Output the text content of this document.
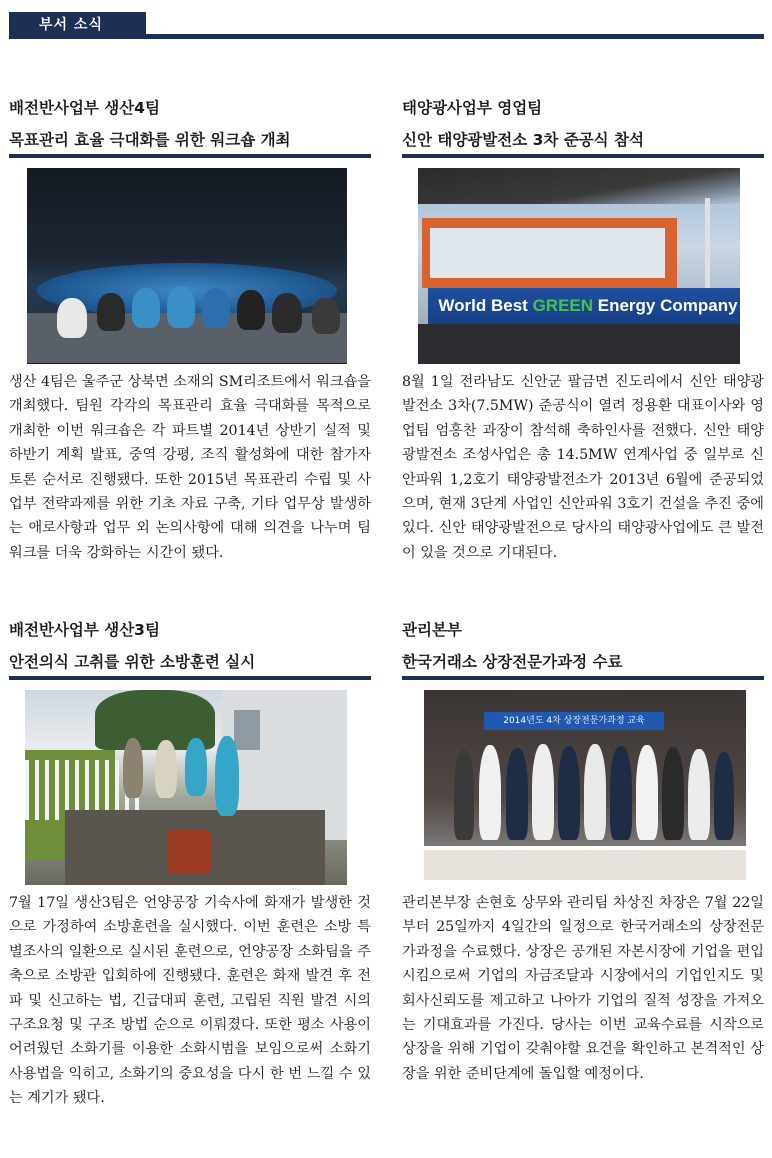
부서 소식
배전반사업부 생산4팀
목표관리 효율 극대화를 위한 워크숍 개최
생산 4팀은 울주군 상북면 소재의 SM리조트에서 워크숍을 개최했다. 팀원 각각의 목표관리 효율 극대화를 목적으로 개최한 이번 워크숍은 각 파트별 2014년 상반기 실적 및 하반기 계획 발표, 중역 강평, 조직 활성화에 대한 참가자 토론 순서로 진행됐다. 또한 2015년 목표관리 수립 및 사업부 전략과제를 위한 기초 자료 구축, 기타 업무상 발생하는 애로사항과 업무 외 논의사항에 대해 의견을 나누며 팀워크를 더욱 강화하는 시간이 됐다.
태양광사업부 영업팀
신안 태양광발전소 3차 준공식 참석
World Best GREEN Energy Company
8월 1일 전라남도 신안군 팔금면 진도리에서 신안 태양광발전소 3차(7.5MW) 준공식이 열려 정용환 대표이사와 영업팀 엄홍찬 과장이 참석해 축하인사를 전했다. 신안 태양광발전소 조성사업은 총 14.5MW 연계사업 중 일부로 신안파워 1,2호기 태양광발전소가 2013년 6월에 준공되었으며, 현재 3단계 사업인 신안파워 3호기 건설을 추진 중에 있다. 신안 태양광발전으로 당사의 태양광사업에도 큰 발전이 있을 것으로 기대된다.
배전반사업부 생산3팀
안전의식 고취를 위한 소방훈련 실시
7월 17일 생산3팀은 언양공장 기숙사에 화재가 발생한 것으로 가정하여 소방훈련을 실시했다. 이번 훈련은 소방 특별조사의 일환으로 실시된 훈련으로, 언양공장 소화팀을 주축으로 소방관 입회하에 진행됐다. 훈련은 화재 발견 후 전파 및 신고하는 법, 긴급대피 훈련, 고립된 직원 발견 시의 구조요청 및 구조 방법 순으로 이뤄졌다. 또한 평소 사용이 어려웠던 소화기를 이용한 소화시범을 보임으로써 소화기 사용법을 익히고, 소화기의 중요성을 다시 한 번 느낄 수 있는 계기가 됐다.
관리본부
한국거래소 상장전문가과정 수료
2014년도 4차 상장전문가과정 교육
관리본부장 손현호 상무와 관리팀 차상진 차장은 7월 22일부터 25일까지 4일간의 일정으로 한국거래소의 상장전문가과정을 수료했다. 상장은 공개된 자본시장에 기업을 편입시킴으로써 기업의 자금조달과 시장에서의 기업인지도 및 회사신뢰도를 제고하고 나아가 기업의 질적 성장을 가져오는 기대효과를 가진다. 당사는 이번 교육수료를 시작으로 상장을 위해 기업이 갖춰야할 요건을 확인하고 본격적인 상장을 위한 준비단계에 돌입할 예정이다.
